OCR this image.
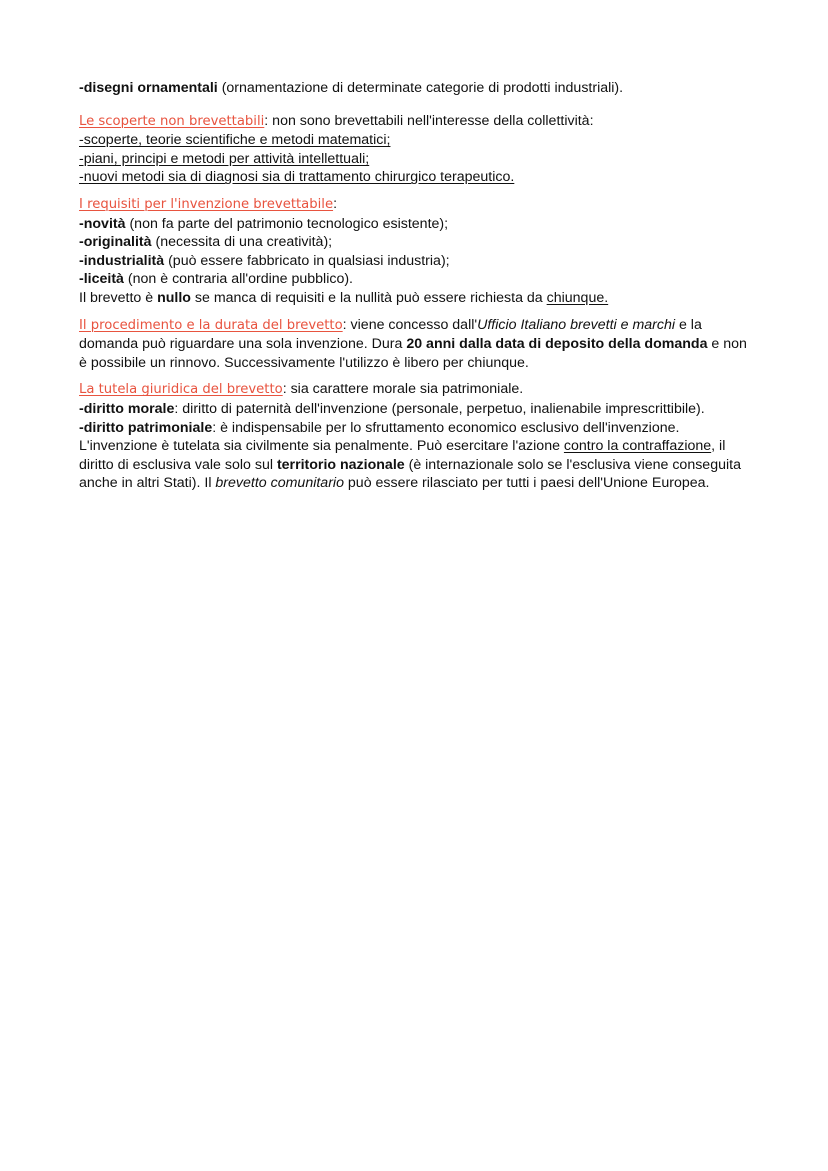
-disegni ornamentali (ornamentazione di determinate categorie di prodotti industriali).

Le scoperte non brevettabili: non sono brevettabili nell'interesse della collettività:

-scoperte, teorie scientifiche e metodi matematici;

-piani, principi e metodi per attività intellettuali;

-nuovi metodi sia di diagnosi sia di trattamento chirurgico terapeutico.

I requisiti per l'invenzione brevettabile:

-novità (non fa parte del patrimonio tecnologico esistente);

-originalità (necessita di una creatività);

-industrialità (può essere fabbricato in qualsiasi industria);

-liceità (non è contraria all'ordine pubblico).

Il brevetto è nullo se manca di requisiti e la nullità può essere richiesta da chiunque.

Il procedimento e la durata del brevetto: viene concesso dall'Ufficio Italiano brevetti e marchi e la domanda può riguardare una sola invenzione. Dura 20 anni dalla data di deposito della domanda e non è possibile un rinnovo. Successivamente l'utilizzo è libero per chiunque.

La tutela giuridica del brevetto: sia carattere morale sia patrimoniale.

-diritto morale: diritto di paternità dell'invenzione (personale, perpetuo, inalienabile imprescrittibile).

-diritto patrimoniale: è indispensabile per lo sfruttamento economico esclusivo dell'invenzione.

L'invenzione è tutelata sia civilmente sia penalmente. Può esercitare l'azione contro la contraffazione, il diritto di esclusiva vale solo sul territorio nazionale (è internazionale solo se l'esclusiva viene conseguita anche in altri Stati). Il brevetto comunitario può essere rilasciato per tutti i paesi dell'Unione Europea.
